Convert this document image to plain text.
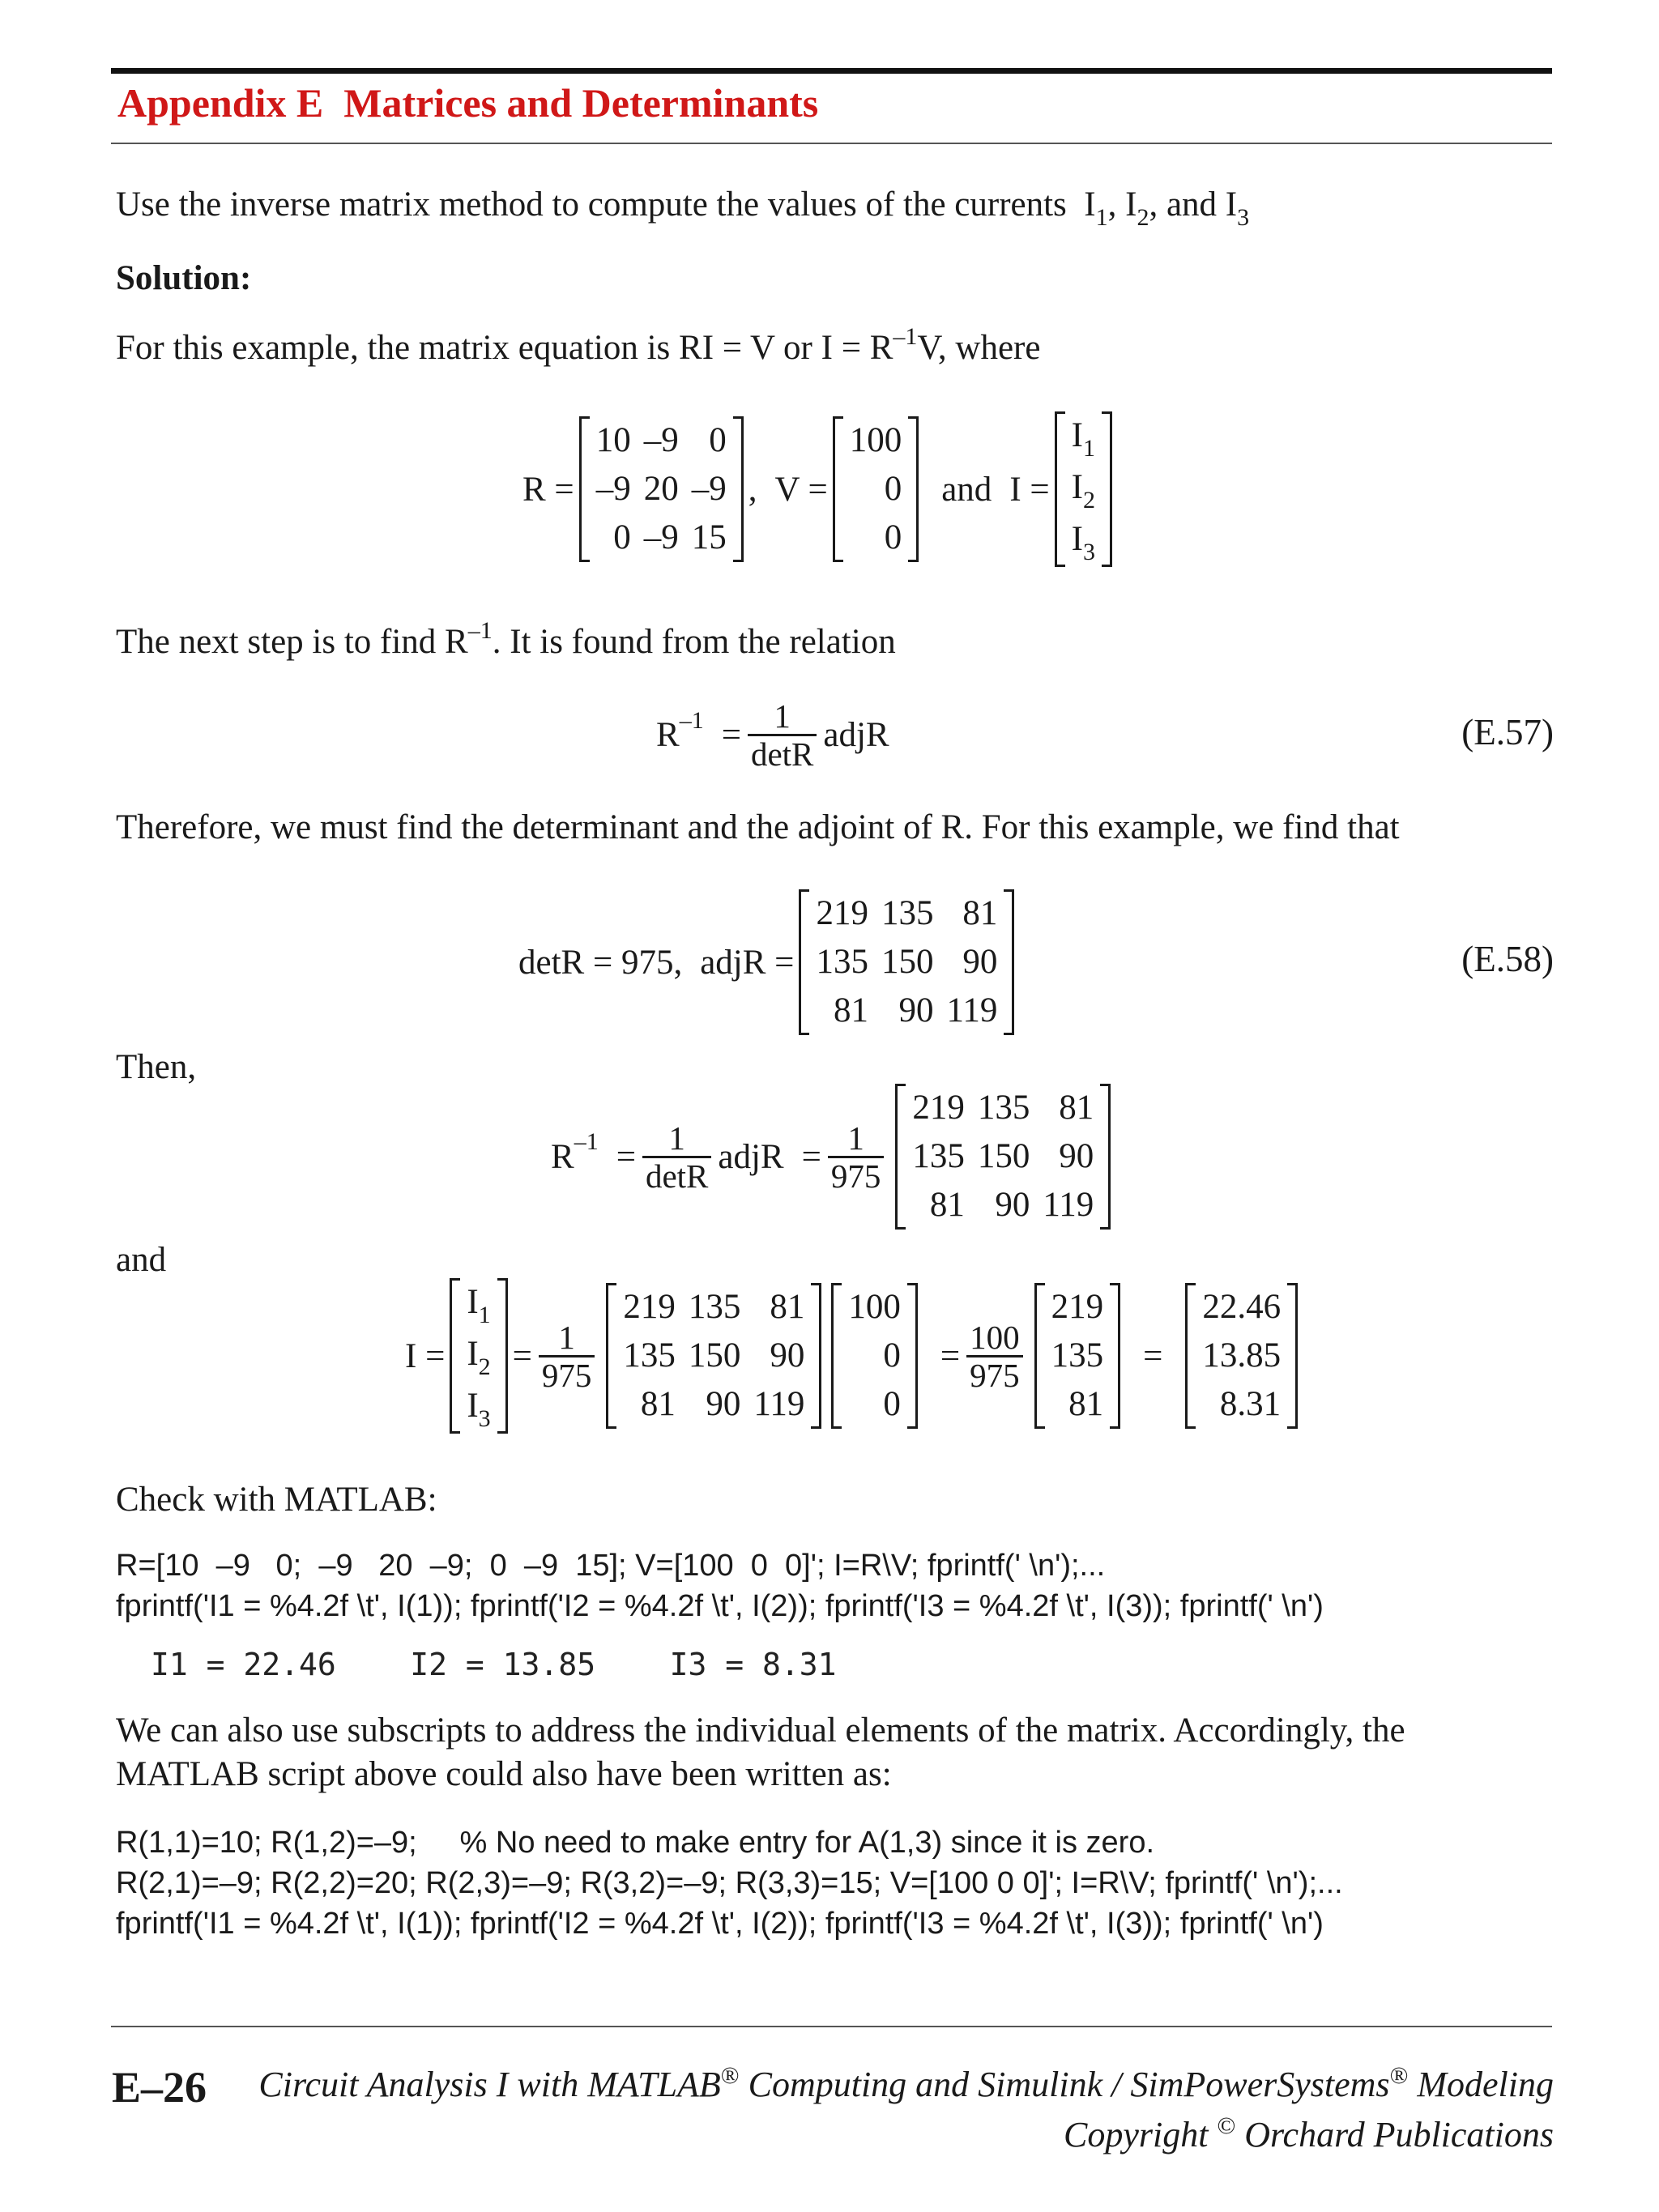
Appendix E Matrices and Determinants
Use the inverse matrix method to compute the values of the currents $I_1$, $I_2$, and $I_3$
Solution:
For this example, the matrix equation is RI = V or $I = R^{-1}V$, where
R =
10	–9	0
–9	20	–9
0	–9	15
, V =
100
0
0
and I =
$I_1$
$I_2$
$I_3$
The next step is to find $R^{-1}$. It is found from the relation
R $-1 = \frac{1}{\det R}$ adjR	(E.57)
Therefore, we must find the determinant and the adjoint of R. For this example, we find that
detR = 975, adjR =
219	135	81
135	150	90
81	90	119
(E.58)
Then,
R $-1 = \frac{1}{\det R}$ adjR = $\frac{1}{975}$
219	135	81
135	150	90
81	90	119
and
I =
$I_1$
$I_2$
$I_3$
= $\frac{1}{975}$
219	135	81
135	150	90
81	90	119
100
0
0
= $\frac{100}{975}$
219
135
81
=
22.46
13.85
8.31
Check with MATLAB:
R=[10  –9   0;  –9   20  –9;  0  –9  15]; V=[100  0  0]'; I=R\V; fprintf(' \n');...
fprintf('I1 = %4.2f \t', I(1)); fprintf('I2 = %4.2f \t', I(2)); fprintf('I3 = %4.2f \t', I(3)); fprintf(' \n')
I1 = 22.46    I2 = 13.85    I3 = 8.31
We can also use subscripts to address the individual elements of the matrix. Accordingly, the
MATLAB script above could also have been written as:
R(1,1)=10; R(1,2)=–9;     % No need to make entry for A(1,3) since it is zero.
R(2,1)=–9; R(2,2)=20; R(2,3)=–9; R(3,2)=–9; R(3,3)=15; V=[100 0 0]'; I=R\V; fprintf(' \n');...
fprintf('I1 = %4.2f \t', I(1)); fprintf('I2 = %4.2f \t', I(2)); fprintf('I3 = %4.2f \t', I(3)); fprintf(' \n')
E–26 Circuit Analysis I with MATLAB® Computing and Simulink / SimPowerSystems® Modeling
Copyright © Orchard Publications
